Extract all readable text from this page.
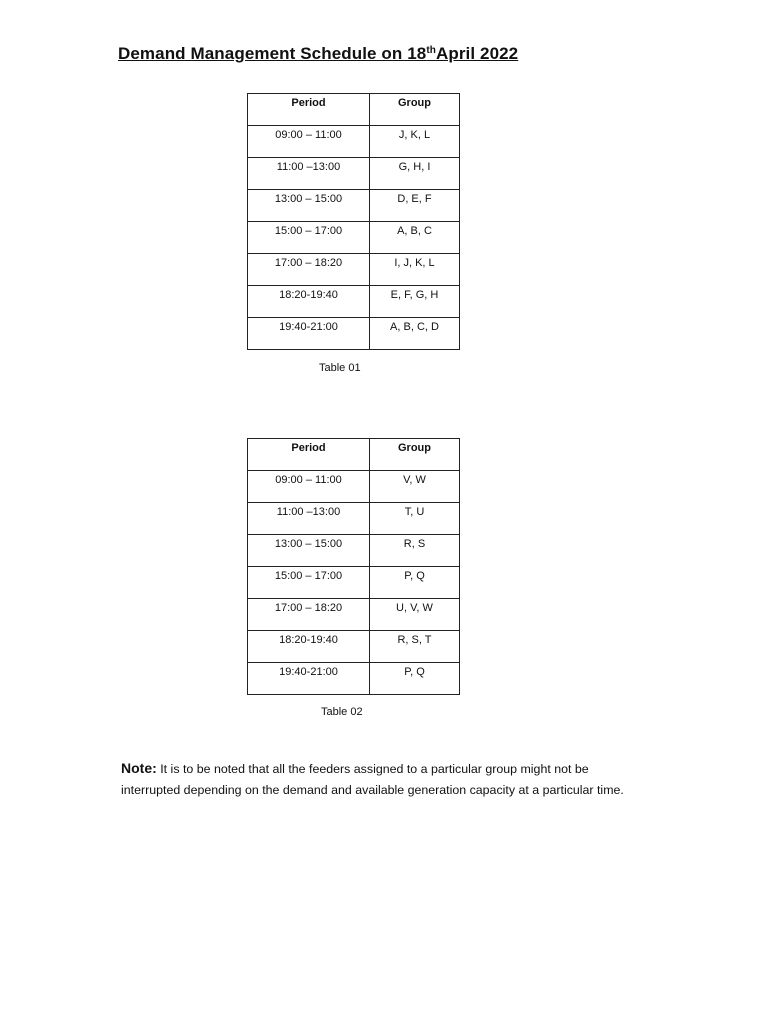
Demand Management Schedule on 18thApril 2022
Period	Group
09:00 – 11:00	J, K, L
11:00 –13:00	G, H, I
13:00 – 15:00	D, E, F
15:00 – 17:00	A, B, C
17:00 – 18:20	I, J, K, L
18:20-19:40	E, F, G, H
19:40-21:00	A, B, C, D
Table 01
Period	Group
09:00 – 11:00	V, W
11:00 –13:00	T, U
13:00 – 15:00	R, S
15:00 – 17:00	P, Q
17:00 – 18:20	U, V, W
18:20-19:40	R, S, T
19:40-21:00	P, Q
Table 02
Note: It is to be noted that all the feeders assigned to a particular group might not be interrupted depending on the demand and available generation capacity at a particular time.
